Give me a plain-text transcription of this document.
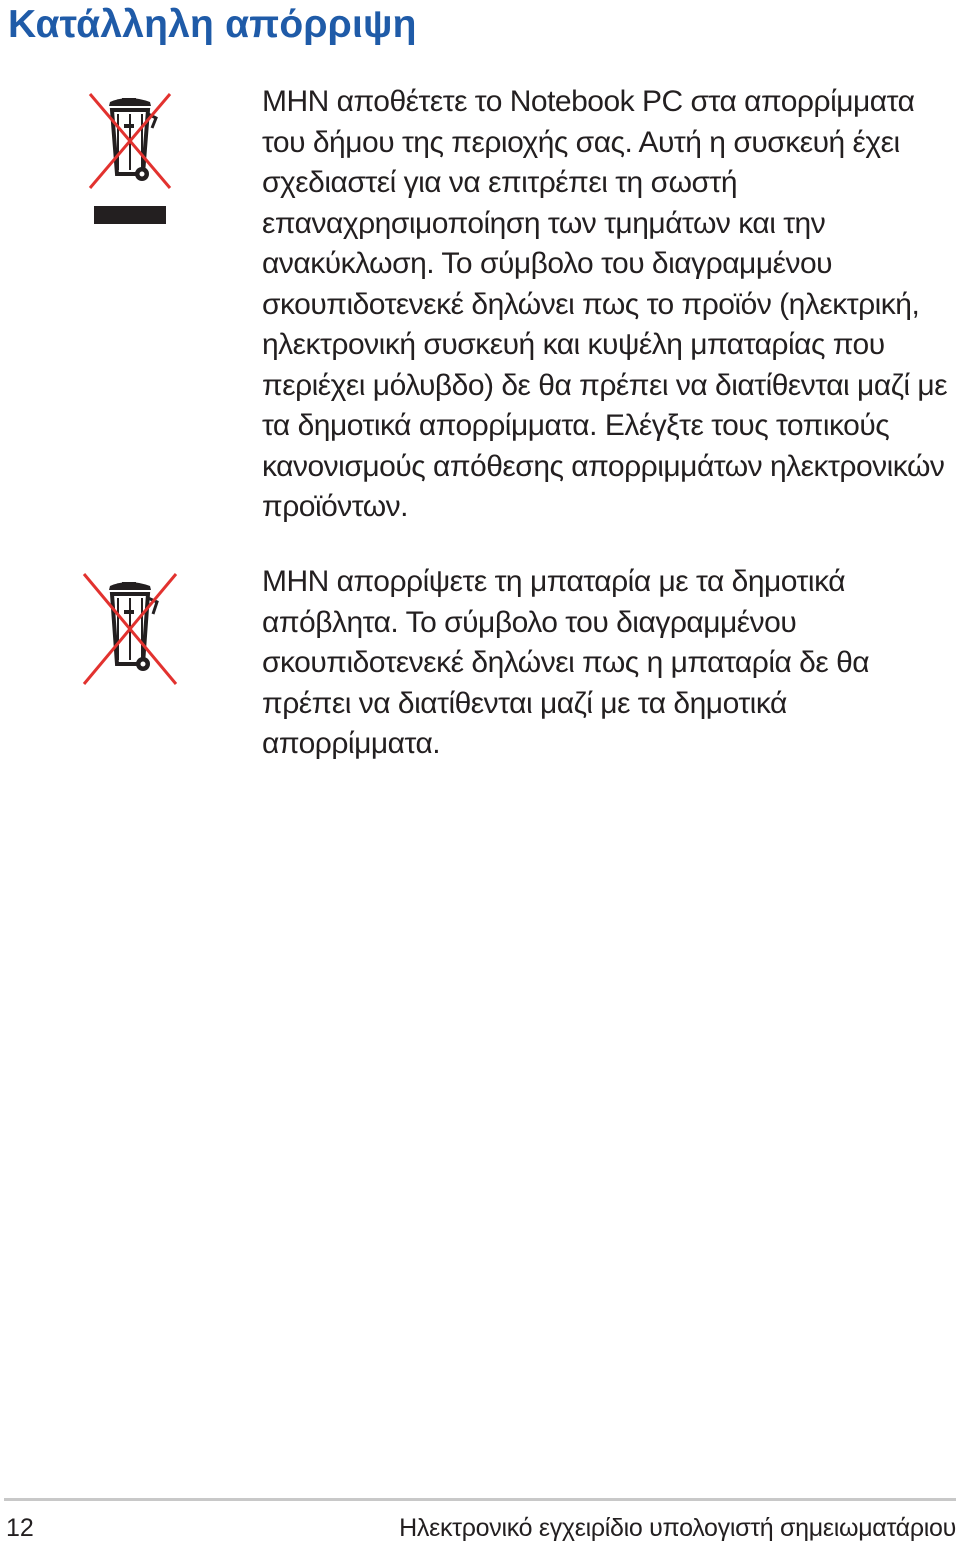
Κατάλληλη απόρριψη

ΜΗΝ αποθέτετε το Notebook PC στα απορρίμματα του δήμου της περιοχής σας. Αυτή η συσκευή έχει σχεδιαστεί για να επιτρέπει τη σωστή επαναχρησιμοποίηση των τμημάτων και την ανακύκλωση. Το σύμβολο του διαγραμμένου σκουπιδοτενεκέ δηλώνει πως το προϊόν (ηλεκτρική, ηλεκτρονική συσκευή και κυψέλη μπαταρίας που περιέχει μόλυβδο) δε θα πρέπει να διατίθενται μαζί με τα δημοτικά απορρίμματα. Ελέγξτε τους τοπικούς κανονισμούς απόθεσης απορριμμάτων ηλεκτρονικών προϊόντων.

ΜΗΝ απορρίψετε τη μπαταρία με τα δημοτικά απόβλητα. Το σύμβολο του διαγραμμένου σκουπιδοτενεκέ δηλώνει πως η μπαταρία δε θα πρέπει να διατίθενται μαζί με τα δημοτικά απορρίμματα.

12	Ηλεκτρονικό εγχειρίδιο υπολογιστή σημειωματάριου
